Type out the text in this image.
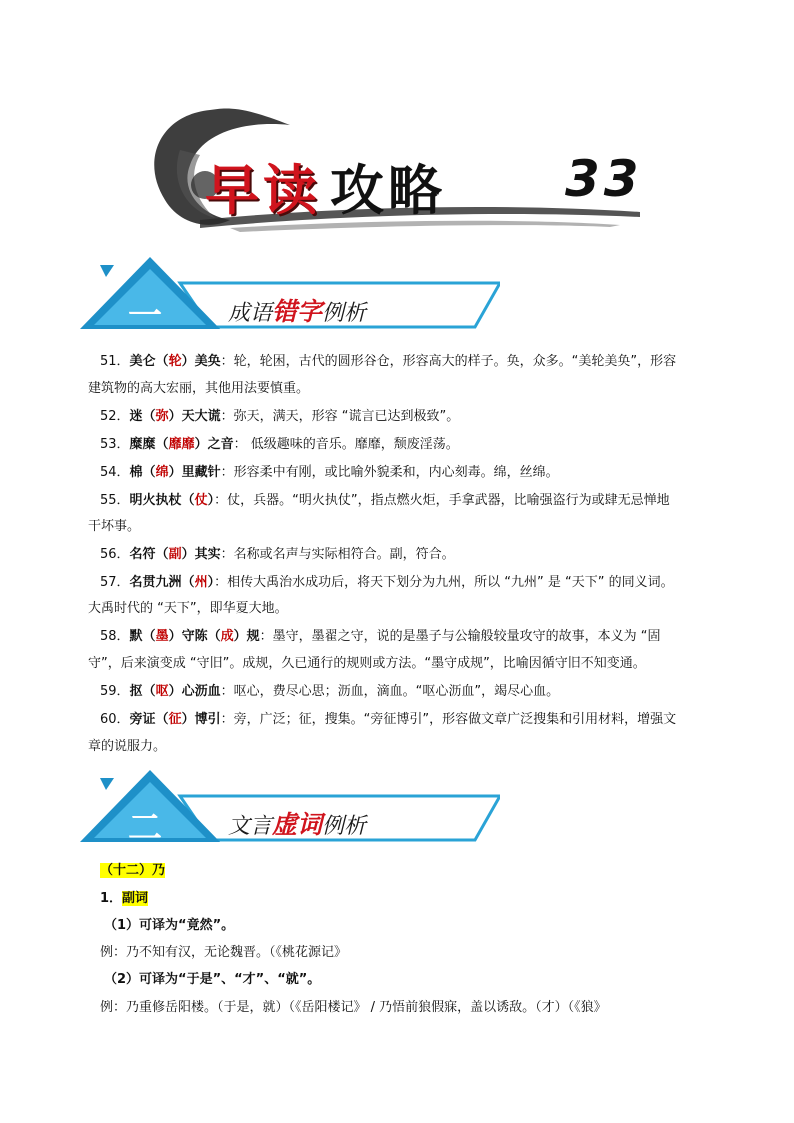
早读 攻略 33
一	成语错字例析
51．美仑（轮）美奂：轮，轮困，古代的圆形谷仓，形容高大的样子。奂，众多。“美轮美奂”，形容
建筑物的高大宏丽，其他用法要慎重。
52．迷（弥）天大谎：弥天，满天，形容 “谎言已达到极致”。
53．糜糜（靡靡）之音： 低级趣味的音乐。靡靡，颓废淫荡。
54．棉（绵）里藏针：形容柔中有刚，或比喻外貌柔和，内心刻毒。绵，丝绵。
55．明火执杖（仗）：仗，兵器。“明火执仗”，指点燃火炬，手拿武器，比喻强盗行为或肆无忌惮地
干坏事。
56．名符（副）其实：名称或名声与实际相符合。副，符合。
57．名贯九洲（州）：相传大禹治水成功后，将天下划分为九州，所以 “九州” 是 “天下” 的同义词。
大禹时代的 “天下”，即华夏大地。
58．默（墨）守陈（成）规：墨守，墨翟之守，说的是墨子与公输般较量攻守的故事，本义为 “固
守”，后来演变成 “守旧”。成规，久已通行的规则或方法。“墨守成规”，比喻因循守旧不知变通。
59．抠（呕）心沥血：呕心，费尽心思；沥血，滴血。“呕心沥血”，竭尽心血。
60．旁证（征）博引：旁，广泛；征，搜集。“旁征博引”，形容做文章广泛搜集和引用材料，增强文
章的说服力。
二	文言虚词例析
（十二）乃
1．副词
（1）可译为“竟然”。
例：乃不知有汉，无论魏晋。（《桃花源记》
（2）可译为“于是”、“才”、“就”。
例：乃重修岳阳楼。（于是，就）（《岳阳楼记》 / 乃悟前狼假寐，盖以诱敌。（才）（《狼》
